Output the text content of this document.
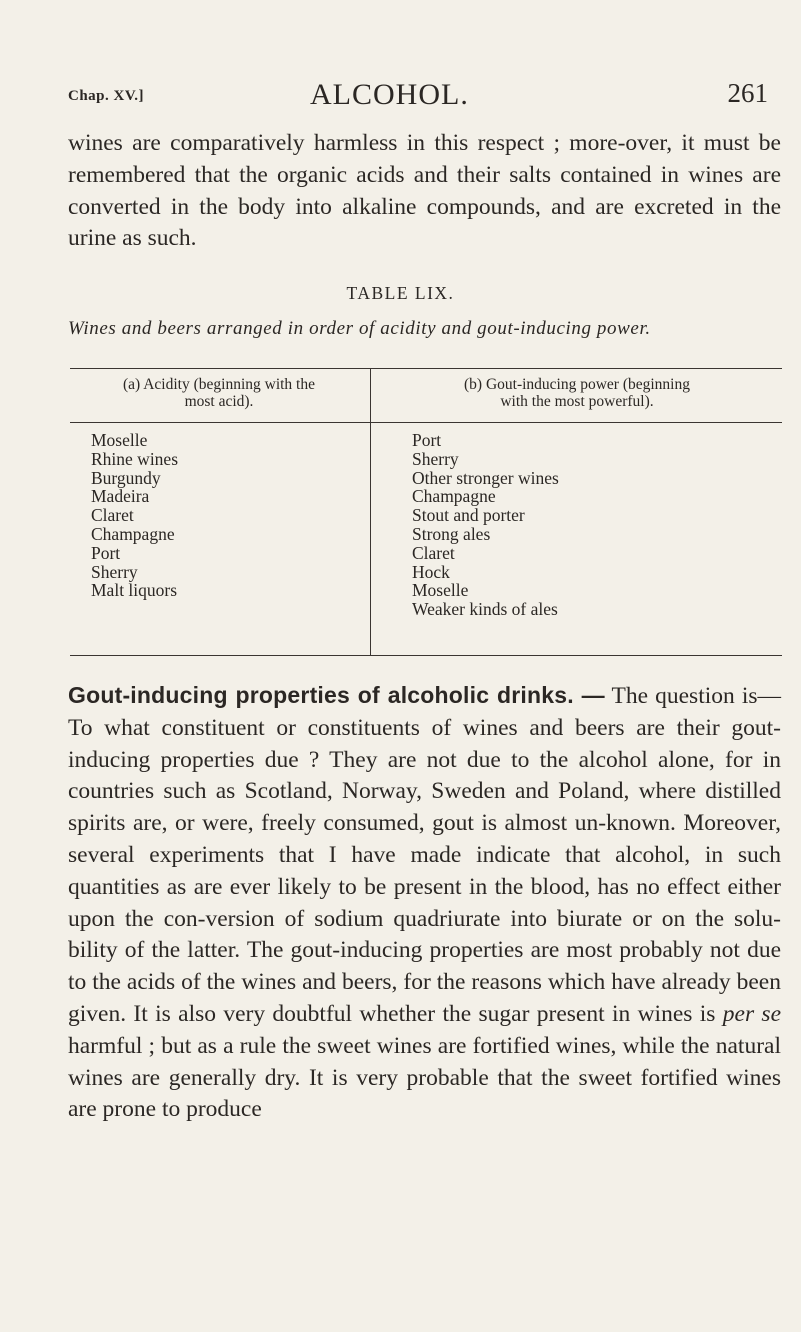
Chap. XV.]	ALCOHOL.	261

wines are comparatively harmless in this respect ; more-over, it must be remembered that the organic acids and their salts contained in wines are converted in the body into alkaline compounds, and are excreted in the urine as such.

TABLE LIX.

Wines and beers arranged in order of acidity and gout-inducing power.

(a) Acidity (beginning with the
most acid).
(b) Gout-inducing power (beginning
with the most powerful).
Moselle
Rhine wines
Burgundy
Madeira
Claret
Champagne
Port
Sherry
Malt liquors
Port
Sherry
Other stronger wines
Champagne
Stout and porter
Strong ales
Claret
Hock
Moselle
Weaker kinds of ales

Gout-inducing properties of alcoholic drinks. — The question is—To what constituent or constituents of wines and beers are their gout-inducing properties due ? They are not due to the alcohol alone, for in countries such as Scotland, Norway, Sweden and Poland, where distilled spirits are, or were, freely consumed, gout is almost un-known. Moreover, several experiments that I have made indicate that alcohol, in such quantities as are ever likely to be present in the blood, has no effect either upon the con-version of sodium quadriurate into biurate or on the solu-bility of the latter. The gout-inducing properties are most probably not due to the acids of the wines and beers, for the reasons which have already been given. It is also very doubtful whether the sugar present in wines is per se harmful ; but as a rule the sweet wines are fortified wines, while the natural wines are generally dry. It is very probable that the sweet fortified wines are prone to produce
